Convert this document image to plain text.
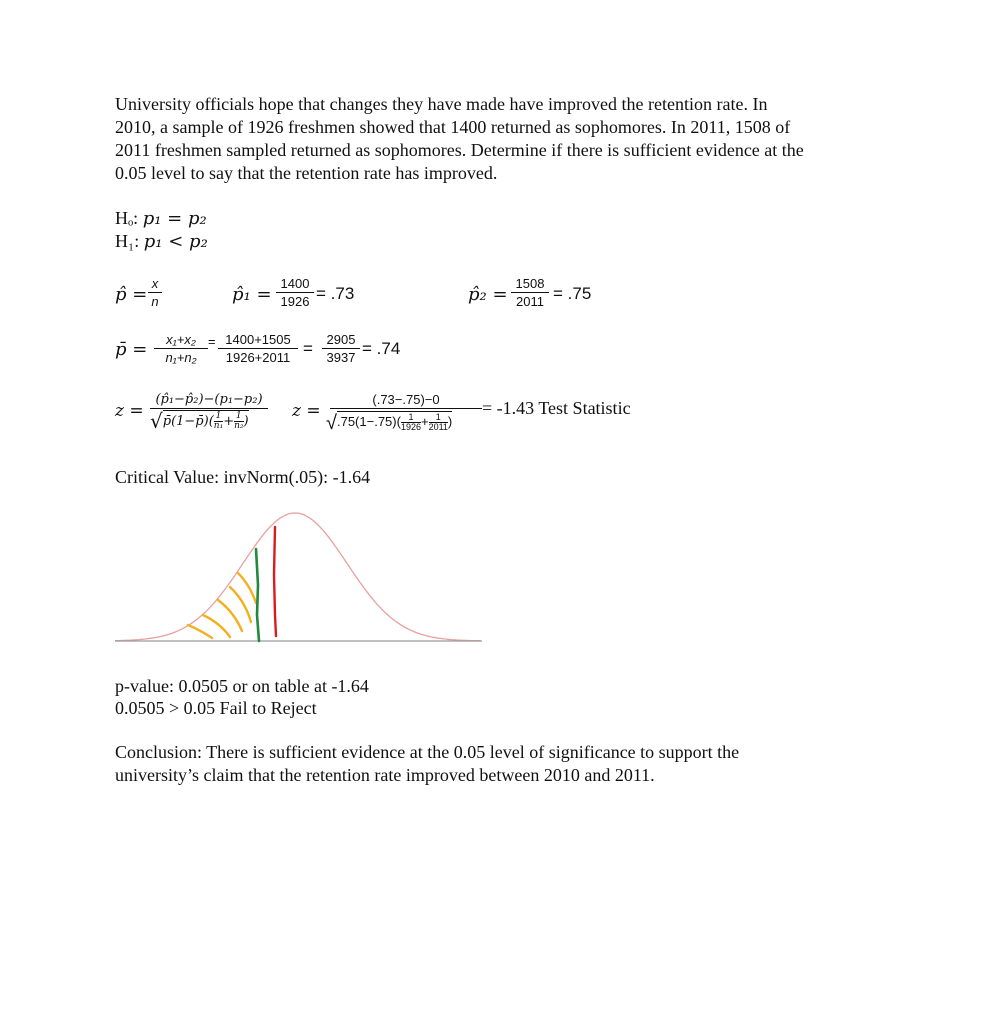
University officials hope that changes they have made have improved the retention rate. In
2010, a sample of 1926 freshmen showed that 1400 returned as sophomores. In 2011, 1508 of
2011 freshmen sampled returned as sophomores. Determine if there is sufficient evidence at the
0.05 level to say that the retention rate has improved.
Hₒ: p₁ = p₂
H₁: p₁ < p₂
p̂ = $\frac{x}{n}$	p̂₁ = $\frac{1400}{1926} = .73$	p̂₂ = $\frac{1508}{2011} = .75$
p̄ = $\frac{\text{x₁+x₂}}{\text{n₁+n₂}} = \frac{1400+1505}{1926+2011} = \frac{2905}{3937} = .74$
z =
(p̂₁−p̂₂)−(p₁−p₂)
√p̄(1−p̄)( $\frac{1}{\text{n₁}} + \frac{1}{\text{n₂}}$ )
z =
(.73−.75)−0
$√.75(1-.75)( \frac{1}{1926} + \frac{1}{2011}$ )
= -1.43 Test Statistic
Critical Value: invNorm(.05): -1.64
p-value: 0.0505 or on table at -1.64
0.0505 > 0.05 Fail to Reject
Conclusion: There is sufficient evidence at the 0.05 level of significance to support the
university’s claim that the retention rate improved between 2010 and 2011.
